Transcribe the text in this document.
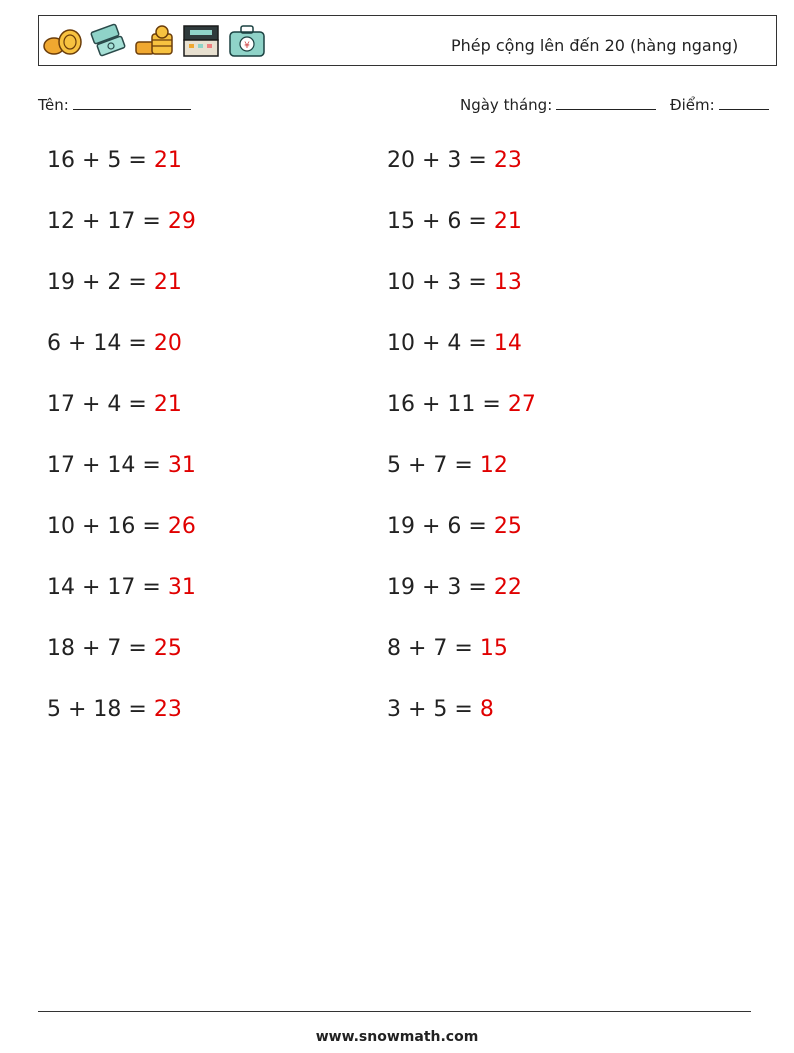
¥	Phép cộng lên đến 20 (hàng ngang)
Tên:	Ngày tháng:	Điểm:
16 + 5 = 21
12 + 17 = 29
19 + 2 = 21
6 + 14 = 20
17 + 4 = 21
17 + 14 = 31
10 + 16 = 26
14 + 17 = 31
18 + 7 = 25
5 + 18 = 23
20 + 3 = 23
15 + 6 = 21
10 + 3 = 13
10 + 4 = 14
16 + 11 = 27
5 + 7 = 12
19 + 6 = 25
19 + 3 = 22
8 + 7 = 15
3 + 5 = 8
www.snowmath.com
